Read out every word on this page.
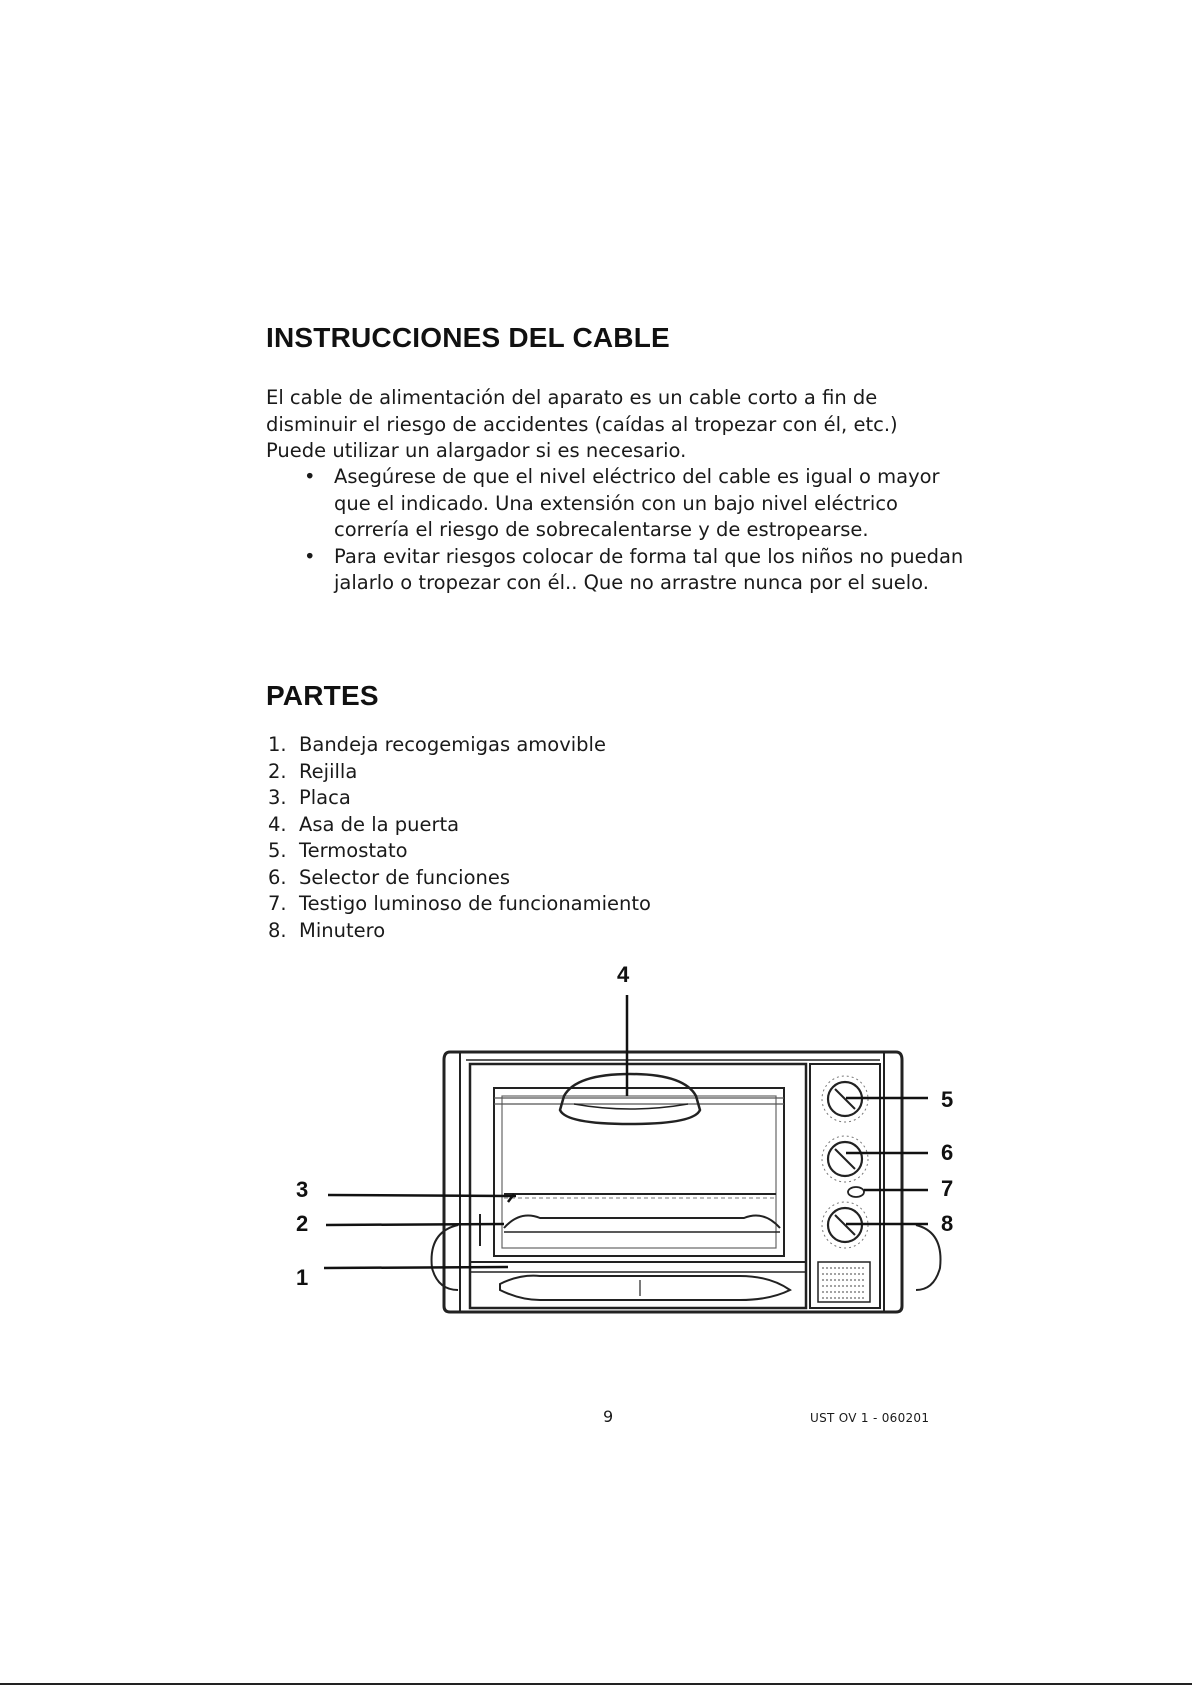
INSTRUCCIONES DEL CABLE

El cable de alimentación del aparato es un cable corto a fin de disminuir el riesgo de accidentes (caídas al tropezar con él, etc.) Puede utilizar un alargador si es necesario.

• Asegúrese de que el nivel eléctrico del cable es igual o mayor que el indicado. Una extensión con un bajo nivel eléctrico correría el riesgo de sobrecalentarse y de estropearse.
• Para evitar riesgos colocar de forma tal que los niños no puedan jalarlo o tropezar con él.. Que no arrastre nunca por el suelo.
PARTES
1. Bandeja recogemigas amovible
2. Rejilla
3. Placa
4. Asa de la puerta
5. Termostato
6. Selector de funciones
7. Testigo luminoso de funcionamiento
8. Minutero
4
3
2
1
5
6
7
8
9	UST OV 1 - 060201
